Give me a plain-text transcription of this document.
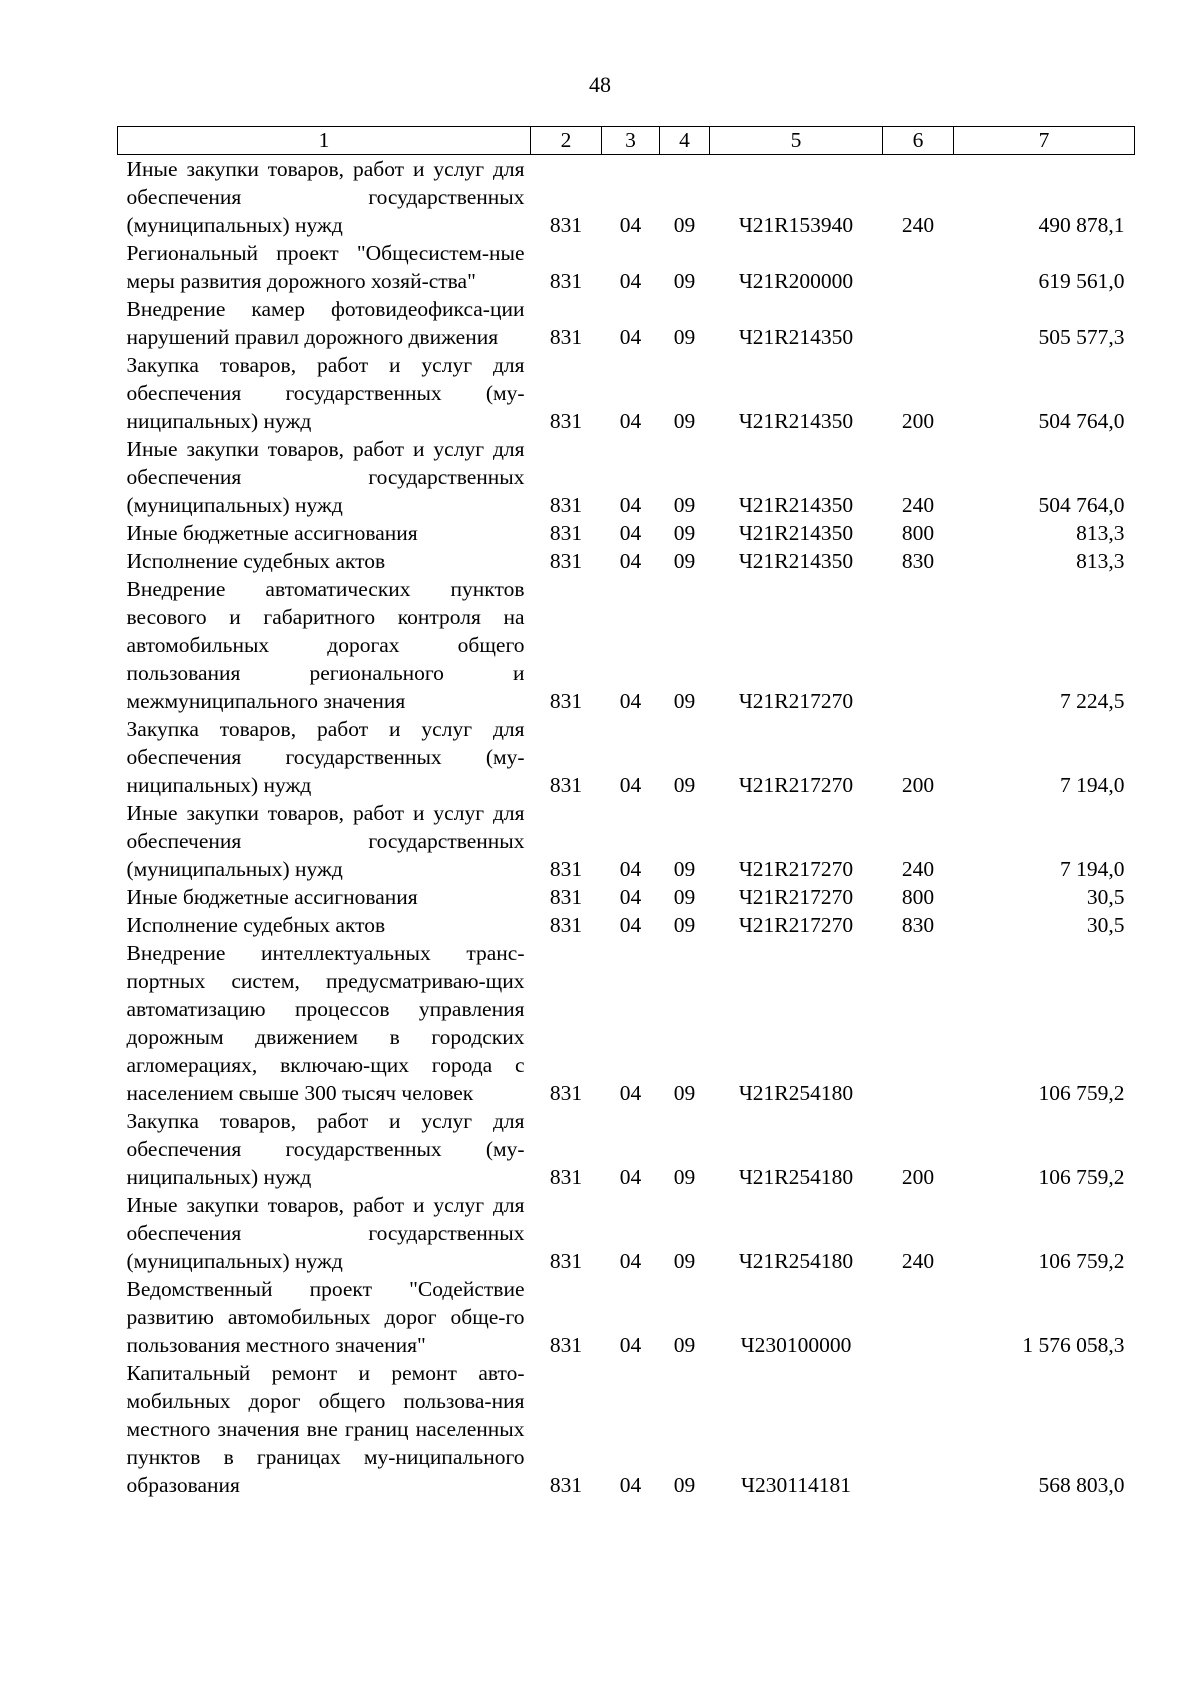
48
1	2	3	4	5	6	7
Иные закупки товаров, работ и услуг для обеспечения государственных (муниципальных) нужд	831	04	09	Ч21R153940	240	490 878,1
Региональный проект "Общесистем-ные меры развития дорожного хозяй-ства"	831	04	09	Ч21R200000		619 561,0
Внедрение камер фотовидеофикса-ции нарушений правил дорожного движения	831	04	09	Ч21R214350		505 577,3
Закупка товаров, работ и услуг для обеспечения государственных (му-ниципальных) нужд	831	04	09	Ч21R214350	200	504 764,0
Иные закупки товаров, работ и услуг для обеспечения государственных (муниципальных) нужд	831	04	09	Ч21R214350	240	504 764,0
Иные бюджетные ассигнования	831	04	09	Ч21R214350	800	813,3
Исполнение судебных актов	831	04	09	Ч21R214350	830	813,3
Внедрение автоматических пунктов весового и габаритного контроля на автомобильных дорогах общего пользования регионального и межмуниципального значения	831	04	09	Ч21R217270		7 224,5
Закупка товаров, работ и услуг для обеспечения государственных (му-ниципальных) нужд	831	04	09	Ч21R217270	200	7 194,0
Иные закупки товаров, работ и услуг для обеспечения государственных (муниципальных) нужд	831	04	09	Ч21R217270	240	7 194,0
Иные бюджетные ассигнования	831	04	09	Ч21R217270	800	30,5
Исполнение судебных актов	831	04	09	Ч21R217270	830	30,5
Внедрение интеллектуальных транс-портных систем, предусматриваю-щих автоматизацию процессов управления дорожным движением в городских агломерациях, включаю-щих города с населением свыше 300 тысяч человек	831	04	09	Ч21R254180		106 759,2
Закупка товаров, работ и услуг для обеспечения государственных (му-ниципальных) нужд	831	04	09	Ч21R254180	200	106 759,2
Иные закупки товаров, работ и услуг для обеспечения государственных (муниципальных) нужд	831	04	09	Ч21R254180	240	106 759,2
Ведомственный проект "Содействие развитию автомобильных дорог обще-го пользования местного значения"	831	04	09	Ч230100000		1 576 058,3
Капитальный ремонт и ремонт авто-мобильных дорог общего пользова-ния местного значения вне границ населенных пунктов в границах му-ниципального образования	831	04	09	Ч230114181		568 803,0
